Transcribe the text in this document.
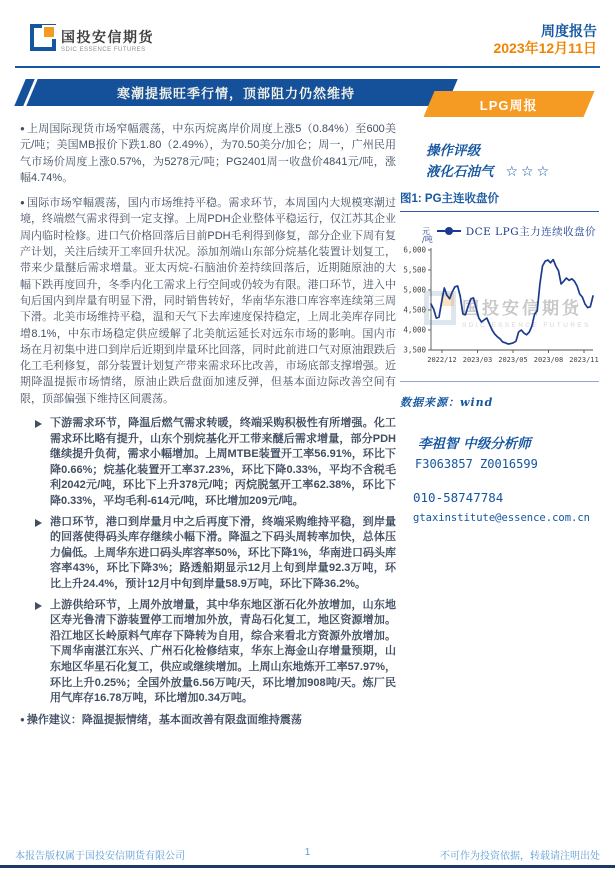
国投安信期货
SDIC ESSENCE FUTURES
周度报告
2023年12月11日
寒潮提振旺季行情，顶部阻力仍然维持
LPG周报

● 上周国际现货市场窄幅震荡，中东丙烷离岸价周度上涨5（0.84%）至600美元/吨；美国MB报价下跌1.80（2.49%），为70.50美分/加仑；周一，广州民用气市场价周度上涨0.57%，为5278元/吨；PG2401周一收盘价4841元/吨，涨幅4.74%。

● 国际市场窄幅震荡，国内市场维持平稳。需求环节，本周国内大规模寒潮过境，终端燃气需求得到一定支撑。上周PDH企业整体平稳运行，仅江苏其企业周内临时检修。进口气价格回落后目前PDH毛利得到修复，部分企业下周有复产计划，关注后续开工率回升状况。添加剂端山东部分烷基化装置计划复工，带来少量醚后需求增量。亚太丙烷-石脑油价差持续回落后，近期随原油的大幅下跌再度回升，冬季内化工需求上行空间或仍较为有限。港口环节，进入中旬后国内到岸量有明显下滑，同时销售转好，华南华东港口库容率连续第三周下滑。北美市场维持平稳，温和天气下去库速度保持稳定，上周北美库存同比增8.1%，中东市场稳定供应缓解了北美航运延长对远东市场的影响。国内市场在月初集中进口到岸后近期到岸量环比回落，同时此前进口气对原油跟跌后化工毛利修复，部分装置计划复产带来需求环比改善，市场底部支撑增强。近期降温提振市场情绪，原油止跌后盘面加速反弹，但基本面边际改善空间有限，顶部偏强下维持区间震荡。

下游需求环节，降温后燃气需求转暖，终端采购积极性有所增强。化工需求环比略有提升，山东个别烷基化开工带来醚后需求增量，部分PDH继续提升负荷，需求小幅增加。上周MTBE装置开工率56.91%，环比下降0.66%；烷基化装置开工率37.23%，环比下降0.33%，平均不含税毛利2042元/吨，环比下上升378元/吨；丙烷脱氢开工率62.38%，环比下降0.33%，平均毛利-614元/吨，环比增加209元/吨。
港口环节，港口到岸量月中之后再度下滑，终端采购维持平稳，到岸量的回落使得码头库存继续小幅下滑。降温之下码头周转率加快，总体压力偏低。上周华东进口码头库容率50%，环比下降1%，华南进口码头库容率43%，环比下降3%；路透船期显示12月上旬到岸量92.3万吨，环比上升24.4%，预计12月中旬到岸量58.9万吨，环比下降36.2%。
上游供给环节，上周外放增量，其中华东地区浙石化外放增加，山东地区寿光鲁清下游装置停工而增加外放，青岛石化复工，地区资源增加。沿江地区长岭原料气库存下降转为自用，综合来看北方资源外放增加。下周华南湛江东兴、广州石化检修结束，华东上海金山存增量预期，山东地区华星石化复工，供应或继续增加。上周山东地炼开工率57.97%，环比上升0.25%；全国外放量6.56万吨/天，环比增加908吨/天。炼厂民用气库存16.78万吨，环比增加0.34万吨。
● 操作建议：降温提振情绪，基本面改善有限盘面维持震荡
国投安信期货
SDIC ESSENCE FUTURES
操作评级
液化石油气 ☆☆☆
图1: PG主连收盘价
元
/吨
DCE LPG主力连续收盘价
3,500
4,000
4,500
5,000
5,500
6,000
2022/12 2023/03 2023/05 2023/08 2023/11
数据来源：wind
李祖智 中级分析师
F3063857 Z0016599
010-58747784
gtaxinstitute@essence.com.cn
本报告版权属于国投安信期货有限公司	1	不可作为投资依据，转载请注明出处
